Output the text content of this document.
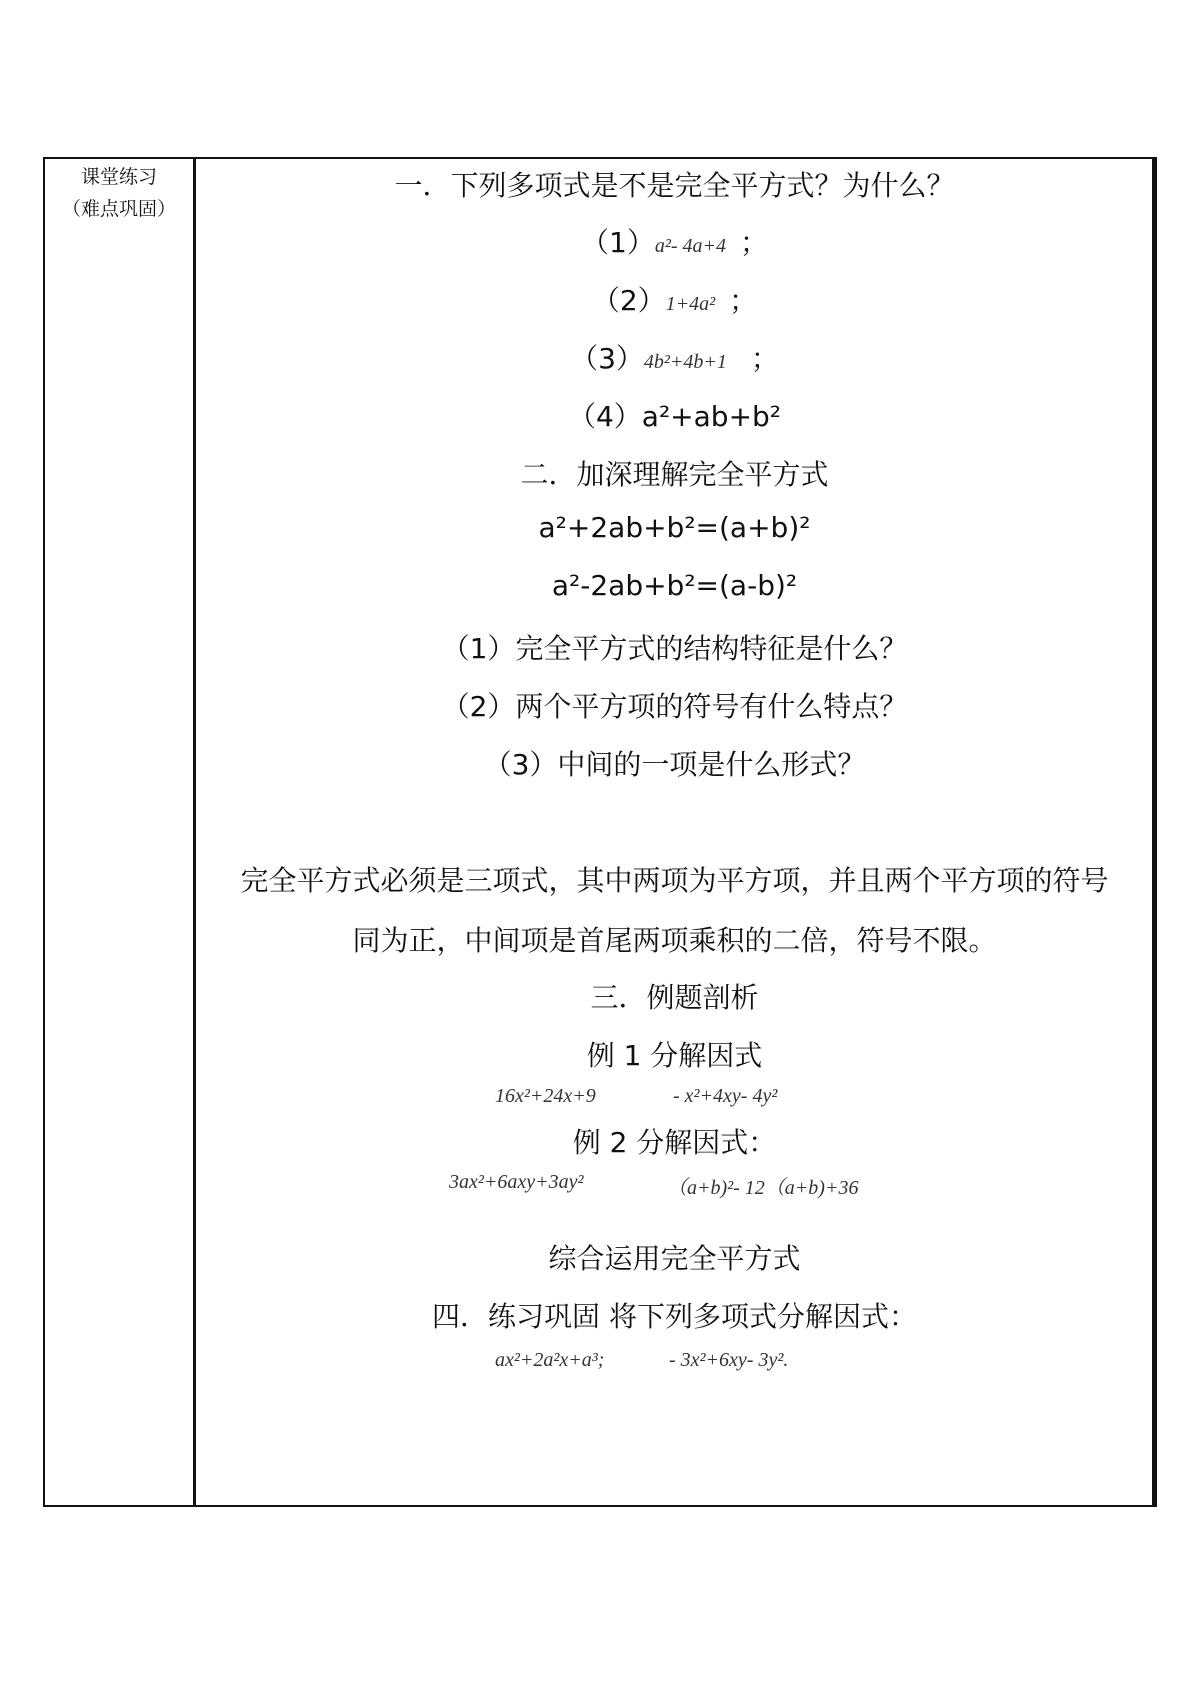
课堂练习
（难点巩固）
一．下列多项式是不是完全平方式？为什么？
（1）a²- 4a+4 ；
（2）1+4a² ；
（3）4b²+4b+1 ；
（4）a²+ab+b²
二．加深理解完全平方式
a²+2ab+b²=(a+b)²
a²-2ab+b²=(a-b)²
（1）完全平方式的结构特征是什么？
（2）两个平方项的符号有什么特点？
（3）中间的一项是什么形式？
完全平方式必须是三项式，其中两项为平方项，并且两个平方项的符号
同为正，中间项是首尾两项乘积的二倍，符号不限。
三．例题剖析
例 1 分解因式
16x²+24x+9	- x²+4xy- 4y²
例 2 分解因式：
3ax²+6axy+3ay²	（a+b)²- 12（a+b)+36
综合运用完全平方式
四．练习巩固 将下列多项式分解因式：
ax²+2a²x+a³;	- 3x²+6xy- 3y².
